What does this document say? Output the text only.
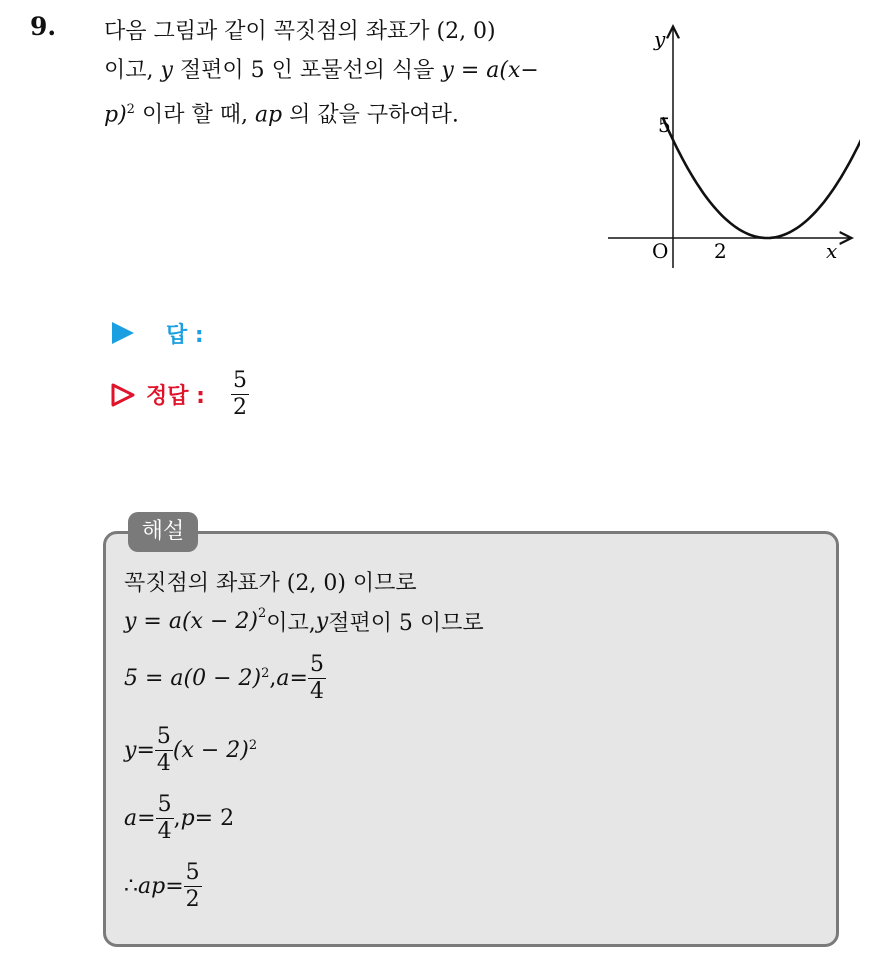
9. 다음 그림과 같이 꼭짓점의 좌표가 (2, 0)
이고, y 절편이 5 인 포물선의 식을 y = a(x−
p)$^2$ 이라 할 때, ap 의 값을 구하여라.
y
x
O
5
2
답 :
정답 : $\frac{5}{2}$
해설
꼭짓점의 좌표가 (2, 0) 이므로
$y = a(x - 2)^2$ 이고, y 절편이 5 이므로
$5 = a(0 - 2)^2$ , $a = \frac{5}{4}$
$y = \frac{5}{4} (x - 2)^2$
$a = \frac{5}{4}$ , p = 2
∴ ap = $\frac{5}{2}$
